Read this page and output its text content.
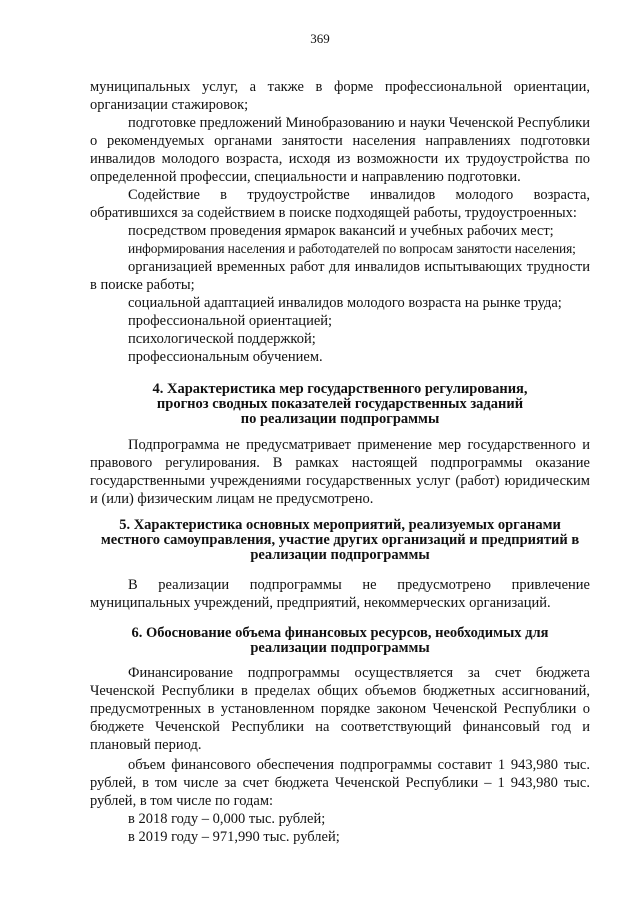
369

муниципальных услуг, а также в форме профессиональной ориентации, организации стажировок;

подготовке предложений Минобразованию и науки Чеченской Республики о рекомендуемых органами занятости населения направлениях подготовки инвалидов молодого возраста, исходя из возможности их трудоустройства по определенной профессии, специальности и направлению подготовки.

Содействие в трудоустройстве инвалидов молодого возраста, обратившихся за содействием в поиске подходящей работы, трудоустроенных:

посредством проведения ярмарок вакансий и учебных рабочих мест;

информирования населения и работодателей по вопросам занятости населения;

организацией временных работ для инвалидов испытывающих трудности в поиске работы;

социальной адаптацией инвалидов молодого возраста на рынке труда;

профессиональной ориентацией;

психологической поддержкой;

профессиональным обучением.

4. Характеристика мер государственного регулирования,

прогноз сводных показателей государственных заданий

по реализации подпрограммы

Подпрограмма не предусматривает применение мер государственного и правового регулирования. В рамках настоящей подпрограммы оказание государственными учреждениями государственных услуг (работ) юридическим и (или) физическим лицам не предусмотрено.

5. Характеристика основных мероприятий, реализуемых органами

местного самоуправления, участие других организаций и предприятий в

реализации подпрограммы

В реализации подпрограммы не предусмотрено привлечение муниципальных учреждений, предприятий, некоммерческих организаций.

6. Обоснование объема финансовых ресурсов, необходимых для

реализации подпрограммы

Финансирование подпрограммы осуществляется за счет бюджета Чеченской Республики в пределах общих объемов бюджетных ассигнований, предусмотренных в установленном порядке законом Чеченской Республики о бюджете Чеченской Республики на соответствующий финансовый год и плановый период.

объем финансового обеспечения подпрограммы составит 1 943,980 тыс. рублей, в том числе за счет бюджета Чеченской Республики – 1 943,980 тыс. рублей, в том числе по годам:

в 2018 году – 0,000 тыс. рублей;

в 2019 году – 971,990 тыс. рублей;
